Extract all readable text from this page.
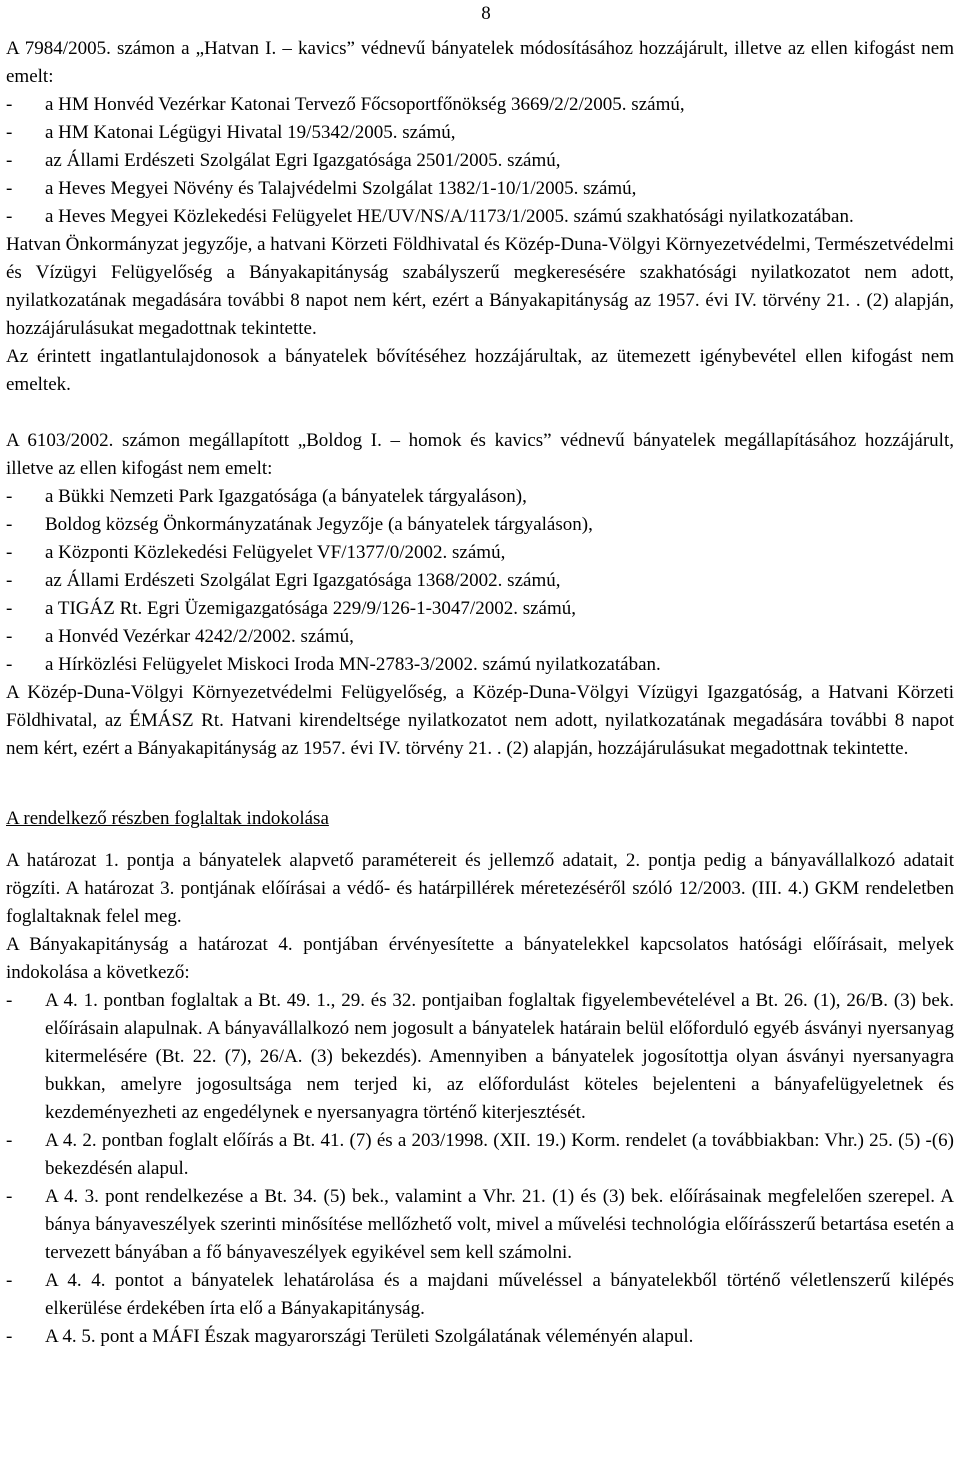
8

A 7984/2005. számon a „Hatvan I. – kavics” védnevű bányatelek módosításához hozzájárult, illetve az ellen kifogást nem emelt:

- a HM Honvéd Vezérkar Katonai Tervező Főcsoportfőnökség 3669/2/2/2005. számú,
- a HM Katonai Légügyi Hivatal 19/5342/2005. számú,
- az Állami Erdészeti Szolgálat Egri Igazgatósága 2501/2005. számú,
- a Heves Megyei Növény és Talajvédelmi Szolgálat 1382/1-10/1/2005. számú,
- a Heves Megyei Közlekedési Felügyelet HE/UV/NS/A/1173/1/2005. számú szakhatósági nyilatkozatában.

Hatvan Önkormányzat jegyzője, a hatvani Körzeti Földhivatal és Közép-Duna-Völgyi Környezetvédelmi, Természetvédelmi és Vízügyi Felügyelőség a Bányakapitányság szabályszerű megkeresésére szakhatósági nyilatkozatot nem adott, nyilatkozatának megadására további 8 napot nem kért, ezért a Bányakapitányság az 1957. évi IV. törvény 21. . (2) alapján, hozzájárulásukat megadottnak tekintette.

Az érintett ingatlantulajdonosok a bányatelek bővítéséhez hozzájárultak, az ütemezett igénybevétel ellen kifogást nem emeltek.

A 6103/2002. számon megállapított „Boldog I. – homok és kavics” védnevű bányatelek megállapításához hozzájárult, illetve az ellen kifogást nem emelt:

- a Bükki Nemzeti Park Igazgatósága (a bányatelek tárgyaláson),
- Boldog község Önkormányzatának Jegyzője (a bányatelek tárgyaláson),
- a Központi Közlekedési Felügyelet VF/1377/0/2002. számú,
- az Állami Erdészeti Szolgálat Egri Igazgatósága 1368/2002. számú,
- a TIGÁZ Rt. Egri Üzemigazgatósága 229/9/126-1-3047/2002. számú,
- a Honvéd Vezérkar 4242/2/2002. számú,
- a Hírközlési Felügyelet Miskoci Iroda MN-2783-3/2002. számú nyilatkozatában.

A Közép-Duna-Völgyi Környezetvédelmi Felügyelőség, a Közép-Duna-Völgyi Vízügyi Igazgatóság, a Hatvani Körzeti Földhivatal, az ÉMÁSZ Rt. Hatvani kirendeltsége nyilatkozatot nem adott, nyilatkozatának megadására további 8 napot nem kért, ezért a Bányakapitányság az 1957. évi IV. törvény 21. . (2) alapján, hozzájárulásukat megadottnak tekintette.

A rendelkező részben foglaltak indokolása

A határozat 1. pontja a bányatelek alapvető paramétereit és jellemző adatait, 2. pontja pedig a bányavállalkozó adatait rögzíti. A határozat 3. pontjának előírásai a védő- és határpillérek méretezéséről szóló 12/2003. (III. 4.) GKM rendeletben foglaltaknak felel meg.

A Bányakapitányság a határozat 4. pontjában érvényesítette a bányatelekkel kapcsolatos hatósági előírásait, melyek indokolása a következő:

- A 4. 1. pontban foglaltak a Bt. 49. 1., 29. és 32. pontjaiban foglaltak figyelembevételével a Bt. 26. (1), 26/B. (3) bek. előírásain alapulnak. A bányavállalkozó nem jogosult a bányatelek határain belül előforduló egyéb ásványi nyersanyag kitermelésére (Bt. 22. (7), 26/A. (3) bekezdés). Amennyiben a bányatelek jogosítottja olyan ásványi nyersanyagra bukkan, amelyre jogosultsága nem terjed ki, az előfordulást köteles bejelenteni a bányafelügyeletnek és kezdeményezheti az engedélynek e nyersanyagra történő kiterjesztését.
- A 4. 2. pontban foglalt előírás a Bt. 41. (7) és a 203/1998. (XII. 19.) Korm. rendelet (a továbbiakban: Vhr.) 25. (5) -(6) bekezdésén alapul.
- A 4. 3. pont rendelkezése a Bt. 34. (5) bek., valamint a Vhr. 21. (1) és (3) bek. előírásainak megfelelően szerepel. A bánya bányaveszélyek szerinti minősítése mellőzhető volt, mivel a művelési technológia előírásszerű betartása esetén a tervezett bányában a fő bányaveszélyek egyikével sem kell számolni.
- A 4. 4. pontot a bányatelek lehatárolása és a majdani műveléssel a bányatelekből történő véletlenszerű kilépés elkerülése érdekében írta elő a Bányakapitányság.
- A 4. 5. pont a MÁFI Észak magyarországi Területi Szolgálatának véleményén alapul.
